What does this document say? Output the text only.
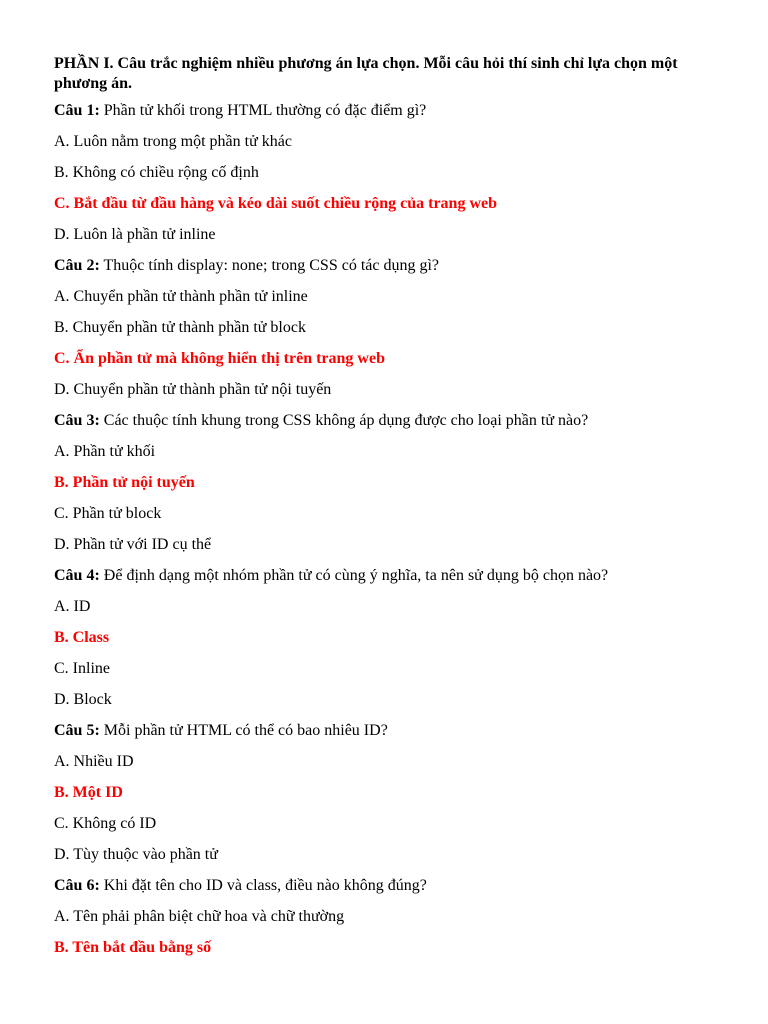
PHẦN I. Câu trắc nghiệm nhiều phương án lựa chọn. Mỗi câu hỏi thí sinh chỉ lựa chọn một phương án.
Câu 1: Phần tử khối trong HTML thường có đặc điểm gì?
A. Luôn nằm trong một phần tử khác
B. Không có chiều rộng cố định
C. Bắt đầu từ đầu hàng và kéo dài suốt chiều rộng của trang web
D. Luôn là phần tử inline
Câu 2: Thuộc tính display: none; trong CSS có tác dụng gì?
A. Chuyển phần tử thành phần tử inline
B. Chuyển phần tử thành phần tử block
C. Ẩn phần tử mà không hiển thị trên trang web
D. Chuyển phần tử thành phần tử nội tuyến
Câu 3: Các thuộc tính khung trong CSS không áp dụng được cho loại phần tử nào?
A. Phần tử khối
B. Phần tử nội tuyến
C. Phần tử block
D. Phần tử với ID cụ thể
Câu 4: Để định dạng một nhóm phần tử có cùng ý nghĩa, ta nên sử dụng bộ chọn nào?
A. ID
B. Class
C. Inline
D. Block
Câu 5: Mỗi phần tử HTML có thể có bao nhiêu ID?
A. Nhiều ID
B. Một ID
C. Không có ID
D. Tùy thuộc vào phần tử
Câu 6: Khi đặt tên cho ID và class, điều nào không đúng?
A. Tên phải phân biệt chữ hoa và chữ thường
B. Tên bắt đầu bằng số
